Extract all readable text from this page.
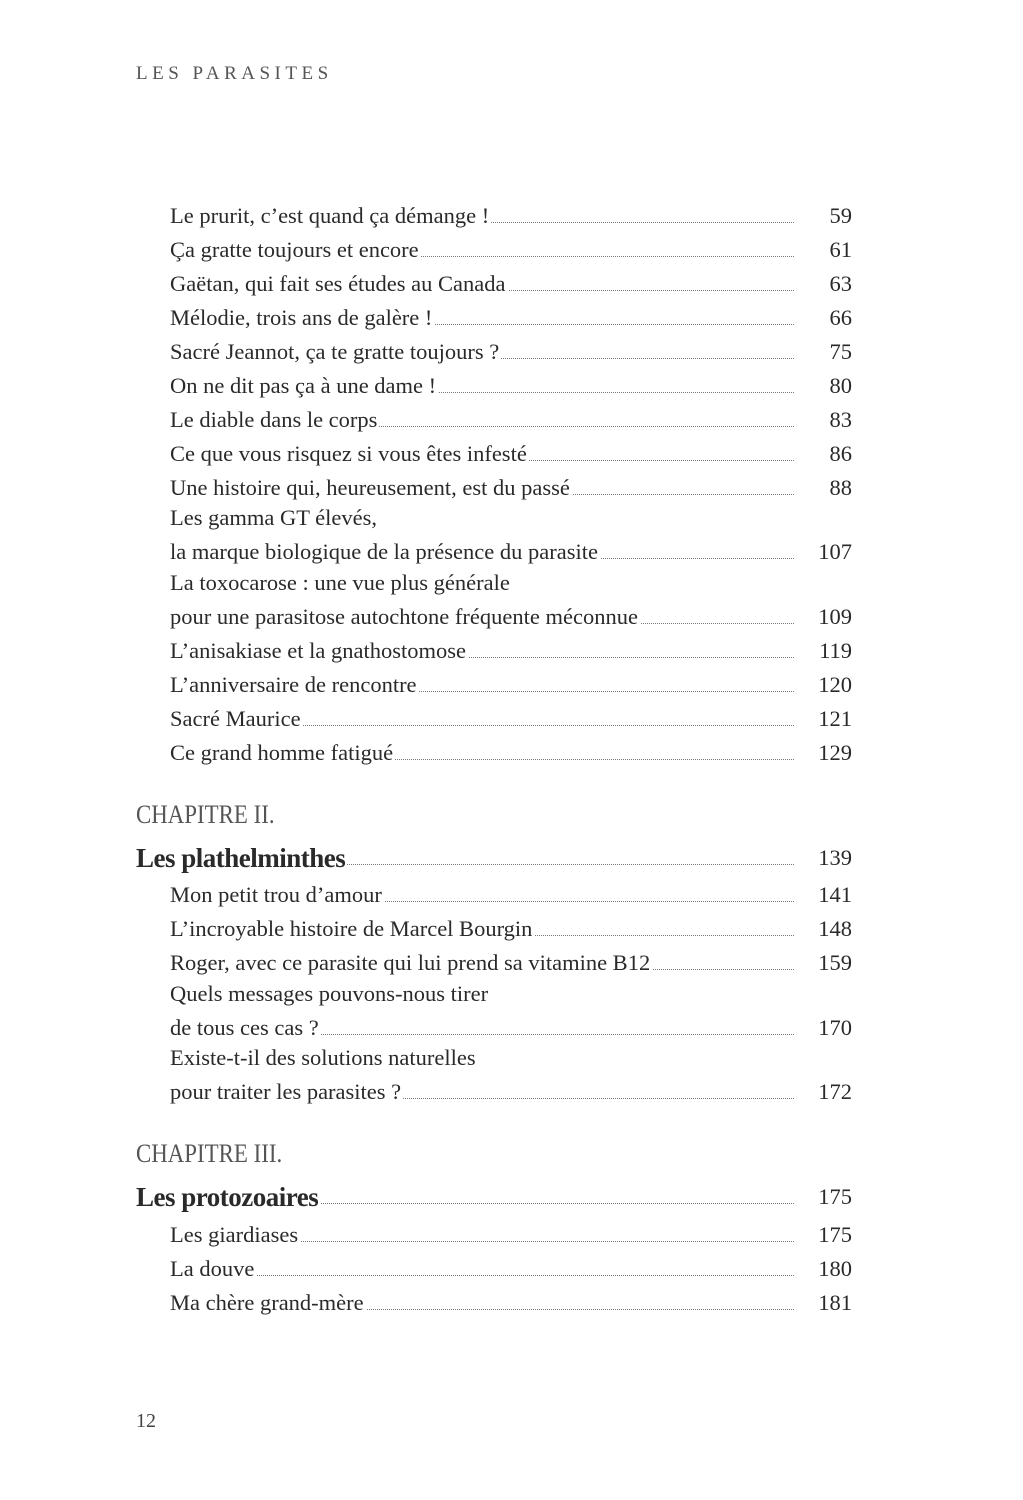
LES PARASITES
Le prurit, c’est quand ça démange !	59
Ça gratte toujours et encore	61
Gaëtan, qui fait ses études au Canada	63
Mélodie, trois ans de galère !	66
Sacré Jeannot, ça te gratte toujours ?	75
On ne dit pas ça à une dame !	80
Le diable dans le corps	83
Ce que vous risquez si vous êtes infesté	86
Une histoire qui, heureusement, est du passé	88
Les gamma GT élevés,
la marque biologique de la présence du parasite	107
La toxocarose : une vue plus générale
pour une parasitose autochtone fréquente méconnue	109
L’anisakiase et la gnathostomose	119
L’anniversaire de rencontre	120
Sacré Maurice	121
Ce grand homme fatigué	129
CHAPITRE II.
Les plathelminthes	139
Mon petit trou d’amour	141
L’incroyable histoire de Marcel Bourgin	148
Roger, avec ce parasite qui lui prend sa vitamine B12	159
Quels messages pouvons-nous tirer
de tous ces cas ?	170
Existe-t-il des solutions naturelles
pour traiter les parasites ?	172
CHAPITRE III.
Les protozoaires	175
Les giardiases	175
La douve	180
Ma chère grand-mère	181
12
